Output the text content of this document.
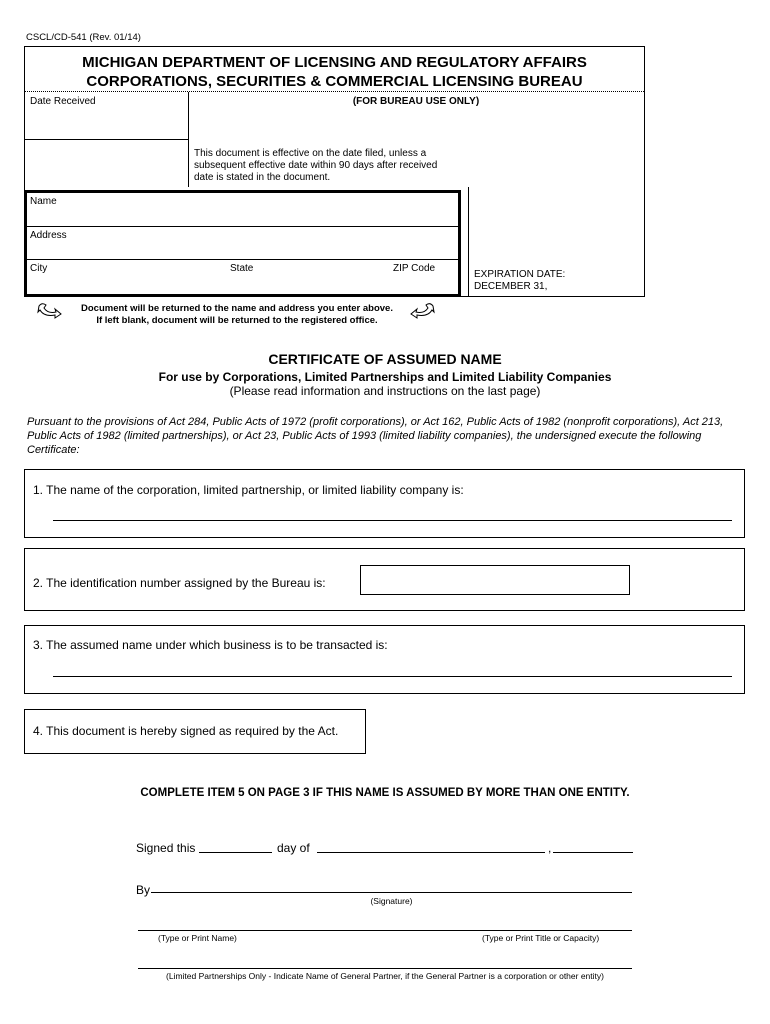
CSCL/CD-541 (Rev. 01/14)
MICHIGAN DEPARTMENT OF LICENSING AND REGULATORY AFFAIRS
CORPORATIONS, SECURITIES & COMMERCIAL LICENSING BUREAU
Date Received	(FOR BUREAU USE ONLY)
This document is effective on the date filed, unless a subsequent effective date within 90 days after received date is stated in the document.
Name
Address
City	State	ZIP Code
EXPIRATION DATE:
DECEMBER 31,
Document will be returned to the name and address you enter above.
If left blank, document will be returned to the registered office.
CERTIFICATE OF ASSUMED NAME
For use by Corporations, Limited Partnerships and Limited Liability Companies
(Please read information and instructions on the last page)
Pursuant to the provisions of Act 284, Public Acts of 1972 (profit corporations), or Act 162, Public Acts of 1982 (nonprofit corporations), Act 213, Public Acts of 1982 (limited partnerships), or Act 23, Public Acts of 1993 (limited liability companies), the undersigned execute the following Certificate:
1. The name of the corporation, limited partnership, or limited liability company is:
2. The identification number assigned by the Bureau is:
3. The assumed name under which business is to be transacted is:
4. This document is hereby signed as required by the Act.
COMPLETE ITEM 5 ON PAGE 3 IF THIS NAME IS ASSUMED BY MORE THAN ONE ENTITY.
Signed this	day of	,
By
(Signature)
(Type or Print Name)	(Type or Print Title or Capacity)
(Limited Partnerships Only - Indicate Name of General Partner, if the General Partner is a corporation or other entity)
